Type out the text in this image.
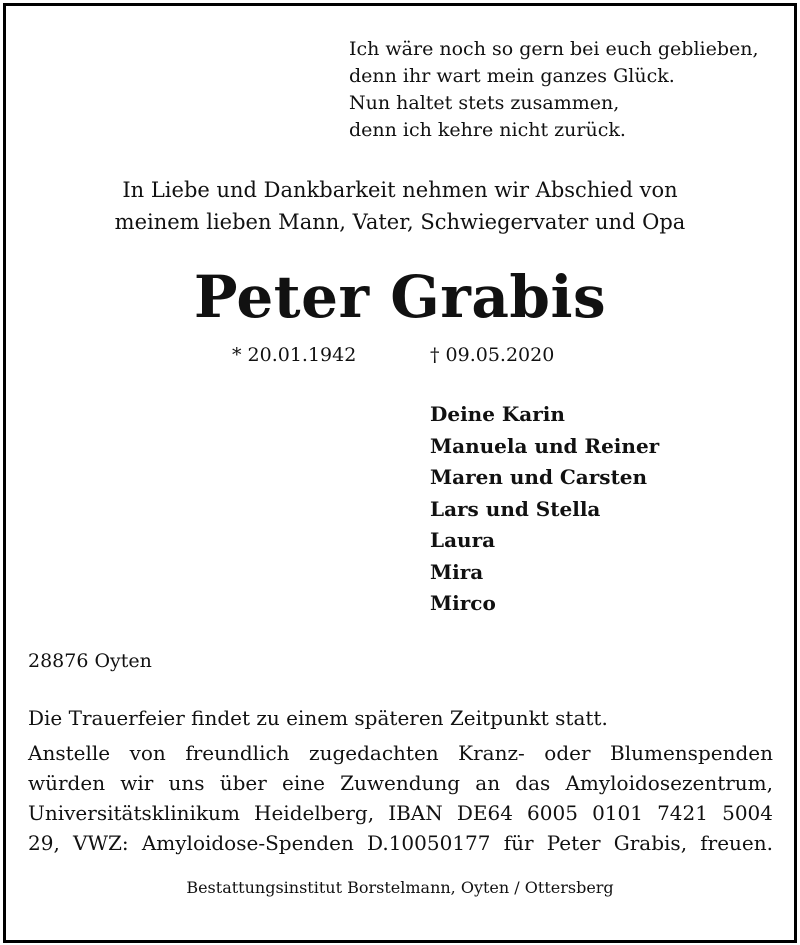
Ich wäre noch so gern bei euch geblieben,
denn ihr wart mein ganzes Glück.
Nun haltet stets zusammen,
denn ich kehre nicht zurück.
In Liebe und Dankbarkeit nehmen wir Abschied von
meinem lieben Mann, Vater, Schwiegervater und Opa
Peter Grabis
* 20.01.1942	† 09.05.2020
Deine Karin
Manuela und Reiner
Maren und Carsten
Lars und Stella
Laura
Mira
Mirco
28876 Oyten
Die Trauerfeier findet zu einem späteren Zeitpunkt statt.
Anstelle von freundlich zugedachten Kranz- oder Blumenspenden
würden wir uns über eine Zuwendung an das Amyloidosezentrum,
Universitätsklinikum Heidelberg, IBAN DE64 6005 0101 7421 5004
29, VWZ: Amyloidose-Spenden D.10050177 für Peter Grabis, freuen.
Bestattungsinstitut Borstelmann, Oyten / Ottersberg
